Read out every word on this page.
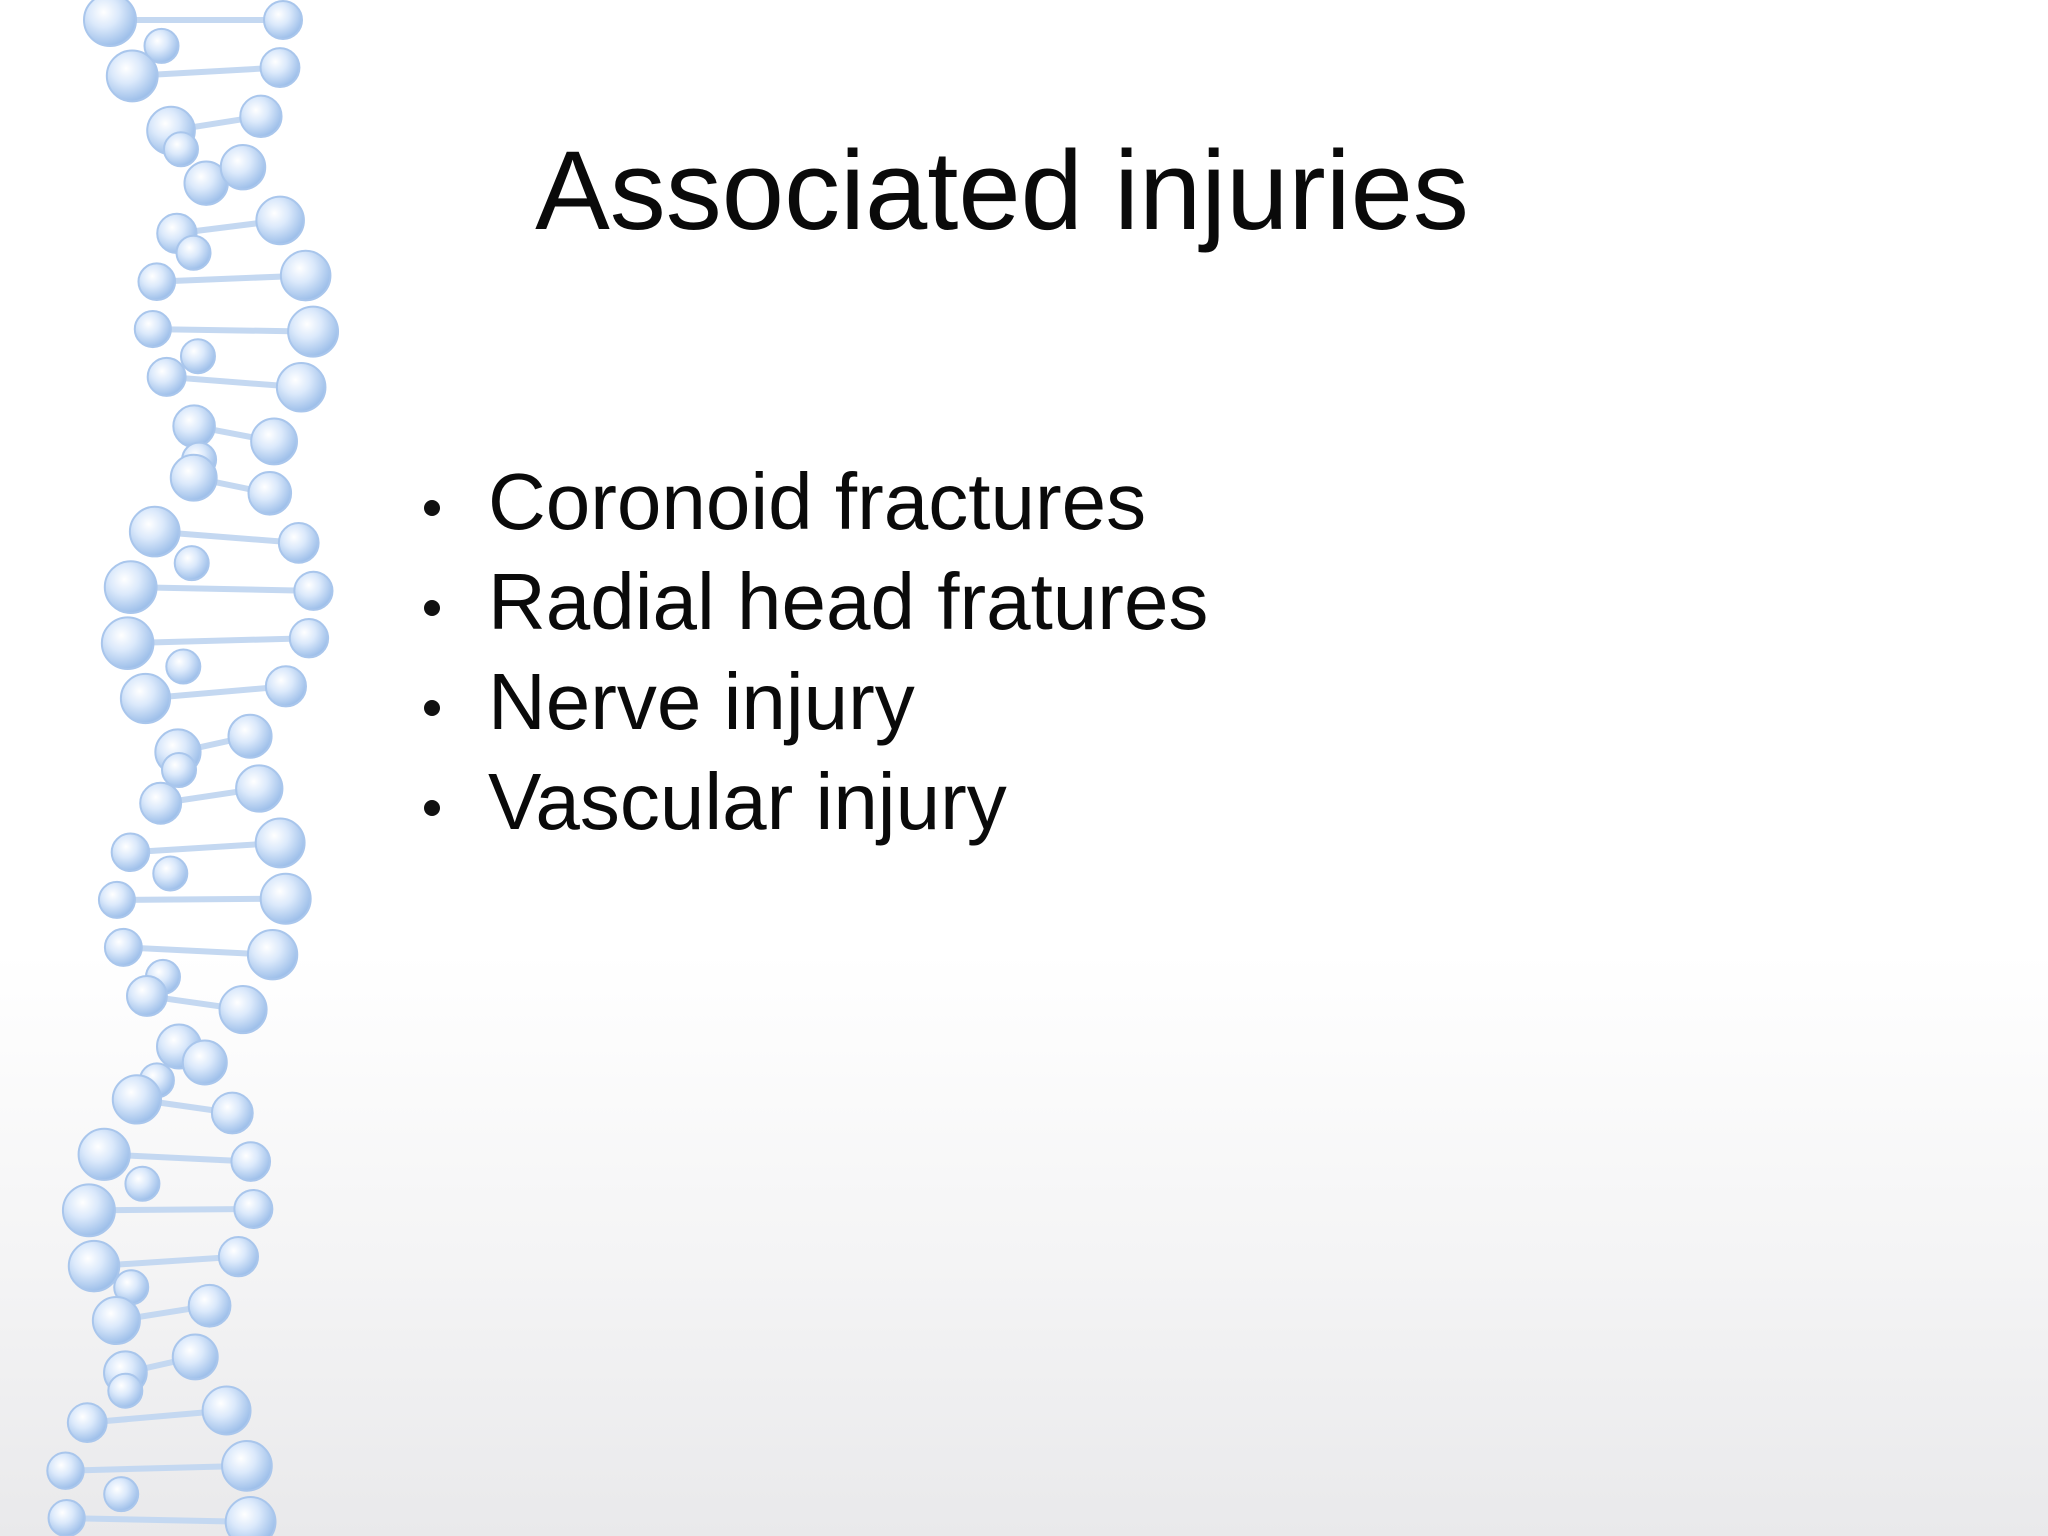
Associated injuries
Coronoid fractures
Radial head fratures
Nerve injury
Vascular injury
